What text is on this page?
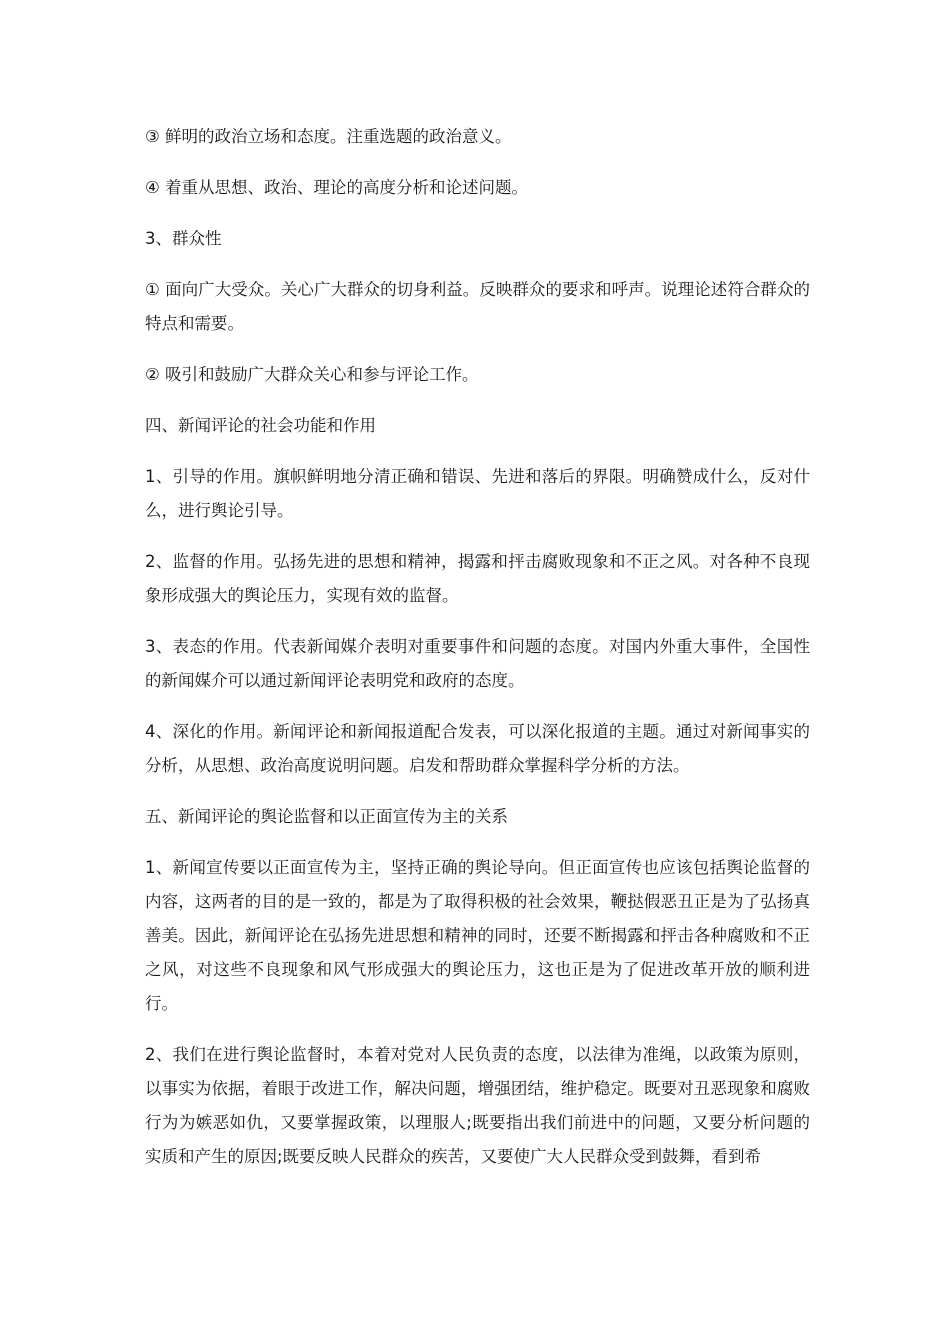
③ 鲜明的政治立场和态度。注重选题的政治意义。

④ 着重从思想、政治、理论的高度分析和论述问题。

3、群众性

① 面向广大受众。关心广大群众的切身利益。反映群众的要求和呼声。说理论述符合群众的特点和需要。

② 吸引和鼓励广大群众关心和参与评论工作。

四、新闻评论的社会功能和作用

1、引导的作用。旗帜鲜明地分清正确和错误、先进和落后的界限。明确赞成什么，反对什么，进行舆论引导。

2、监督的作用。弘扬先进的思想和精神，揭露和抨击腐败现象和不正之风。对各种不良现象形成强大的舆论压力，实现有效的监督。

3、表态的作用。代表新闻媒介表明对重要事件和问题的态度。对国内外重大事件，全国性的新闻媒介可以通过新闻评论表明党和政府的态度。

4、深化的作用。新闻评论和新闻报道配合发表，可以深化报道的主题。通过对新闻事实的分析，从思想、政治高度说明问题。启发和帮助群众掌握科学分析的方法。

五、新闻评论的舆论监督和以正面宣传为主的关系

1、新闻宣传要以正面宣传为主，坚持正确的舆论导向。但正面宣传也应该包括舆论监督的内容，这两者的目的是一致的，都是为了取得积极的社会效果，鞭挞假恶丑正是为了弘扬真善美。因此，新闻评论在弘扬先进思想和精神的同时，还要不断揭露和抨击各种腐败和不正之风，对这些不良现象和风气形成强大的舆论压力，这也正是为了促进改革开放的顺利进行。

2、我们在进行舆论监督时，本着对党对人民负责的态度，以法律为准绳，以政策为原则，以事实为依据，着眼于改进工作，解决问题，增强团结，维护稳定。既要对丑恶现象和腐败行为为嫉恶如仇，又要掌握政策，以理服人;既要指出我们前进中的问题，又要分析问题的实质和产生的原因;既要反映人民群众的疾苦，又要使广大人民群众受到鼓舞，看到希
